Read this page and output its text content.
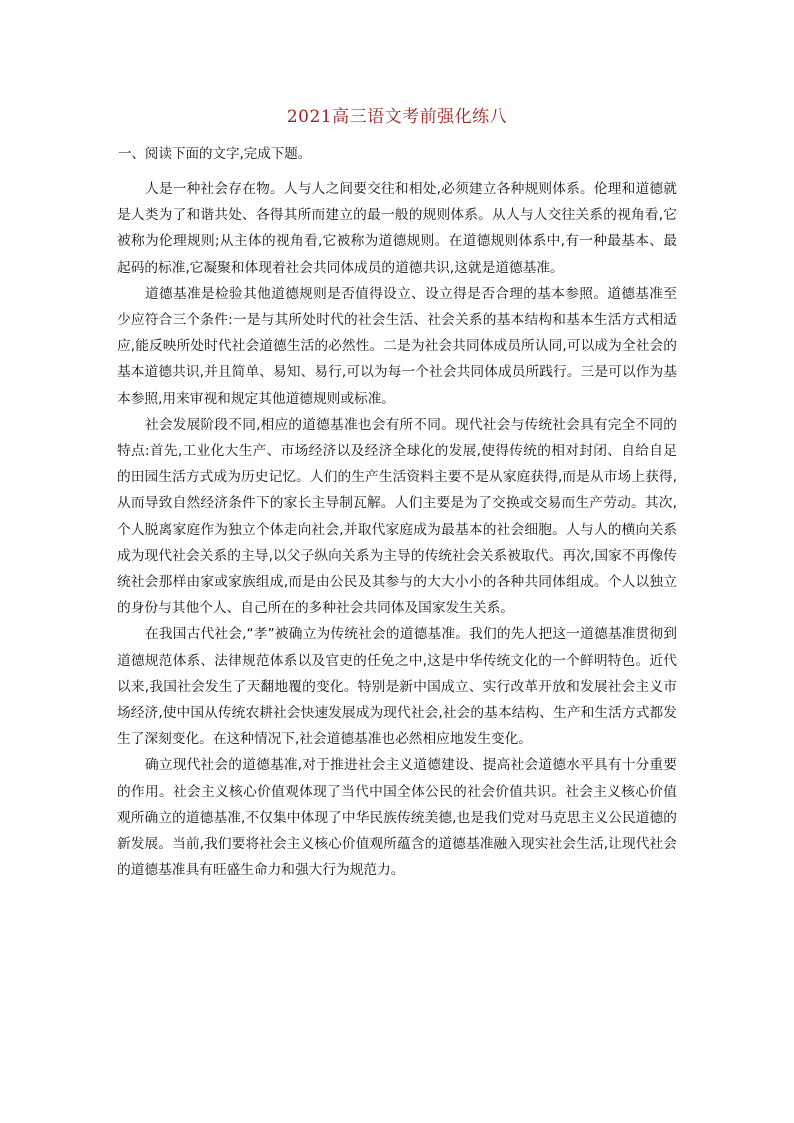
2021高三语文考前强化练八
一、阅读下面的文字,完成下题。

人是一种社会存在物。人与人之间要交往和相处,必须建立各种规则体系。伦理和道德就是人类为了和谐共处、各得其所而建立的最一般的规则体系。从人与人交往关系的视角看,它被称为伦理规则;从主体的视角看,它被称为道德规则。在道德规则体系中,有一种最基本、最起码的标准,它凝聚和体现着社会共同体成员的道德共识,这就是道德基准。

道德基准是检验其他道德规则是否值得设立、设立得是否合理的基本参照。道德基准至少应符合三个条件:一是与其所处时代的社会生活、社会关系的基本结构和基本生活方式相适应,能反映所处时代社会道德生活的必然性。二是为社会共同体成员所认同,可以成为全社会的基本道德共识,并且简单、易知、易行,可以为每一个社会共同体成员所践行。三是可以作为基本参照,用来审视和规定其他道德规则或标准。

社会发展阶段不同,相应的道德基准也会有所不同。现代社会与传统社会具有完全不同的特点:首先,工业化大生产、市场经济以及经济全球化的发展,使得传统的相对封闭、自给自足的田园生活方式成为历史记忆。人们的生产生活资料主要不是从家庭获得,而是从市场上获得,从而导致自然经济条件下的家长主导制瓦解。人们主要是为了交换或交易而生产劳动。其次,个人脱离家庭作为独立个体走向社会,并取代家庭成为最基本的社会细胞。人与人的横向关系成为现代社会关系的主导,以父子纵向关系为主导的传统社会关系被取代。再次,国家不再像传统社会那样由家或家族组成,而是由公民及其参与的大大小小的各种共同体组成。个人以独立的身份与其他个人、自己所在的多种社会共同体及国家发生关系。

在我国古代社会,“孝”被确立为传统社会的道德基准。我们的先人把这一道德基准贯彻到道德规范体系、法律规范体系以及官吏的任免之中,这是中华传统文化的一个鲜明特色。近代以来,我国社会发生了天翻地覆的变化。特别是新中国成立、实行改革开放和发展社会主义市场经济,使中国从传统农耕社会快速发展成为现代社会,社会的基本结构、生产和生活方式都发生了深刻变化。在这种情况下,社会道德基准也必然相应地发生变化。

确立现代社会的道德基准,对于推进社会主义道德建设、提高社会道德水平具有十分重要的作用。社会主义核心价值观体现了当代中国全体公民的社会价值共识。社会主义核心价值观所确立的道德基准,不仅集中体现了中华民族传统美德,也是我们党对马克思主义公民道德的新发展。当前,我们要将社会主义核心价值观所蕴含的道德基准融入现实社会生活,让现代社会的道德基准具有旺盛生命力和强大行为规范力。
